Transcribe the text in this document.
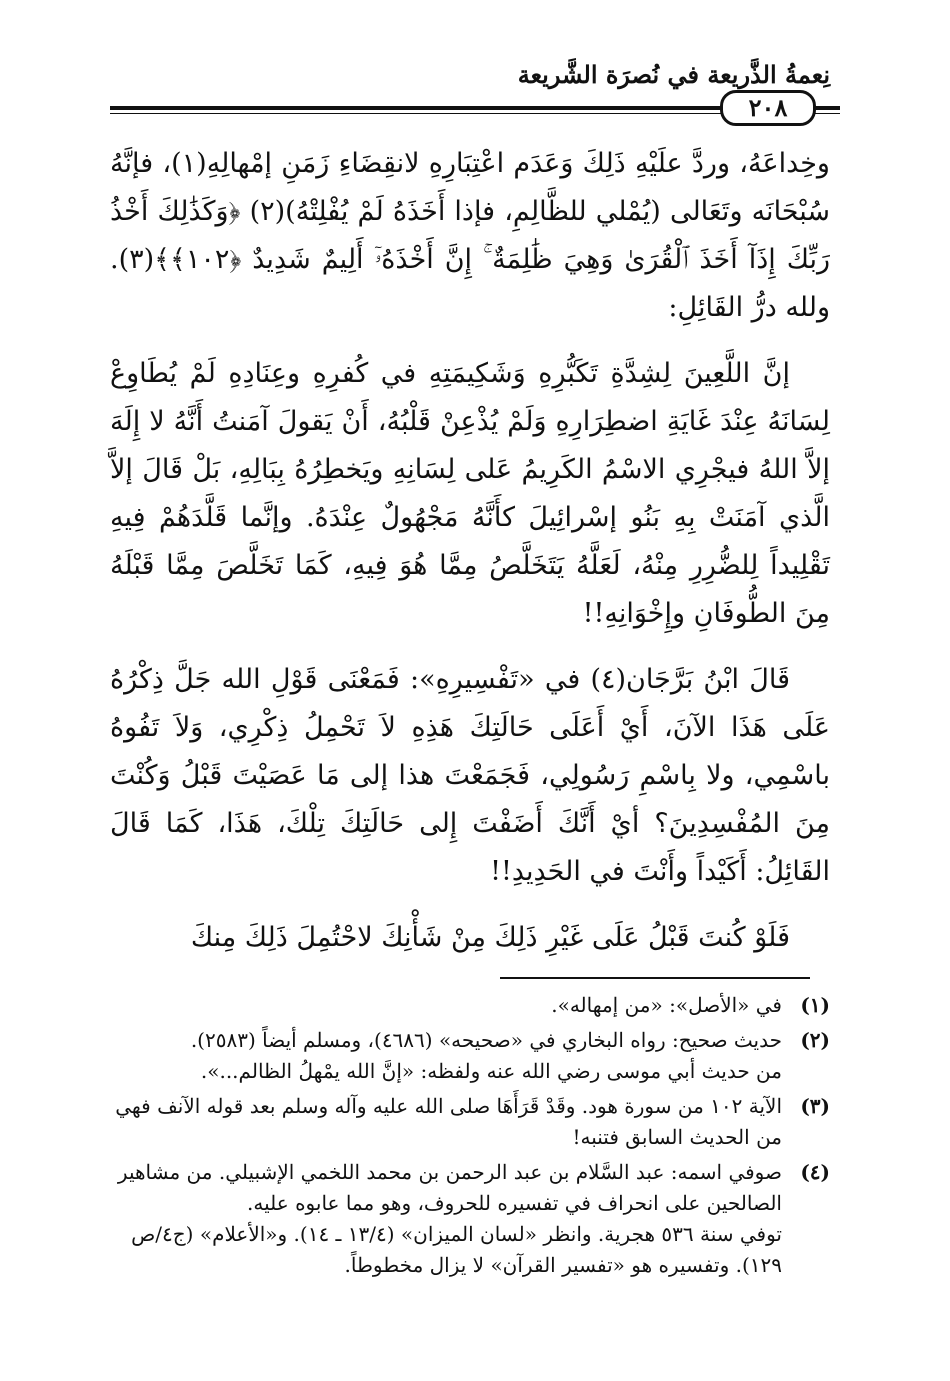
نِعمةُ الذَّريعة في نُصرَة الشَّريعة
٢٠٨

وخِداعَهُ، وردَّ علَيْهِ ذَلِكَ وَعَدَم اعْتِبَارِهِ لانقِضَاءِ زَمَنِ إمْهالِهِ(١)، فإنَّهُ سُبْحَانَه وتَعَالى (يُمْلي للظَّالِمِ، فإذا أَخَذَهُ لَمْ يُفْلِتْهُ)(٢) ﴿وَكَذَٰلِكَ أَخْذُ رَبِّكَ إِذَآ أَخَذَ ٱلْقُرَىٰ وَهِيَ ظَٰلِمَةٌ ۚ إِنَّ أَخْذَهُۥٓ أَلِيمٌ شَدِيدٌ ﴿١٠٢﴾﴾(٣). ولله درُّ القَائِلِ:

إنَّ اللَّعِينَ لِشِدَّةِ تَكَبُّرِهِ وَشَكِيمَتِهِ في كُفرِهِ وعِنَادِهِ لَمْ يُطَاوِعْ لِسَانَهُ عِنْدَ غَايَةِ اضطِرَارِهِ وَلَمْ يُذْعِنْ قَلْبُهُ، أَنْ يَقولَ آمَنتُ أَنَّهُ لا إِلَهَ إلاَّ اللهُ فيجْرِي الاسْمُ الكَرِيمُ عَلى لِسَانِهِ ويَخطِرُهُ بِبَالِهِ، بَلْ قَالَ إلاَّ الَّذي آمَنَتْ بِهِ بَنُو إسْرائِيلَ كأَنَّهُ مَجْهُولٌ عِنْدَهُ. وإنَّما قَلَّدَهُمْ فِيهِ تَقْلِيداً لِلضُّرِرِ مِنْهُ، لَعَلَّهُ يَتَخَلَّصُ مِمَّا هُوَ فِيهِ، كَمَا تَخَلَّصَ مِمَّا قَبْلَهُ مِنَ الطُّوفَانِ وإِخْوَانِهِ!!

قَالَ ابْنُ بَرَّجَان(٤) في «تَفْسِيرِهِ»: فَمَعْنَى قَوْلِ الله جَلَّ ذِكْرُهُ عَلَى هَذَا الآنَ، أَيْ أَعَلَى حَالَتِكَ هَذِهِ لاَ تَحْمِلُ ذِكْرِي، وَلاَ تَفُوهُ باسْمِي، ولا بِاسْمِ رَسُولِي، فَجَمَعْتَ هذا إلى مَا عَصَيْتَ قَبْلُ وَكُنْتَ مِنَ المُفْسِدِينَ؟ أيْ أَنَّكَ أَضَفْتَ إِلى حَالَتِكَ تِلْكَ، هَذَا، كَمَا قَالَ القَائِلُ: أَكَيْداً وأَنْتَ في الحَدِيدِ!!

فَلَوْ كُنتَ قَبْلُ عَلَى غَيْرِ ذَلِكَ مِنْ شَأْنِكَ لاحْتُمِلَ ذَلِكَ مِنكَ

(١)
في «الأصل»: «من إمهاله».
(٢)
حديث صحيح: رواه البخاري في «صحيحه» (٤٦٨٦)، ومسلم أيضاً (٢٥٨٣).
من حديث أبي موسى رضي الله عنه ولفظه: «إنَّ الله يمْهلُ الظالم...».
(٣)
الآية ١٠٢ من سورة هود. وقَدْ قَرَأَهَا صلى الله عليه وآله وسلم بعد قوله الآنف فهي من الحديث السابق فتنبه!
(٤)
صوفي اسمه: عبد السَّلام بن عبد الرحمن بن محمد اللخمي الإشبيلي. من مشاهير الصالحين على انحراف في تفسيره للحروف، وهو مما عابوه عليه.
توفي سنة ٥٣٦ هجرية. وانظر «لسان الميزان» (١٣/٤ ـ ١٤). و«الأعلام» (ج٤/ص ١٢٩). وتفسيره هو «تفسير القرآن» لا يزال مخطوطاً.
